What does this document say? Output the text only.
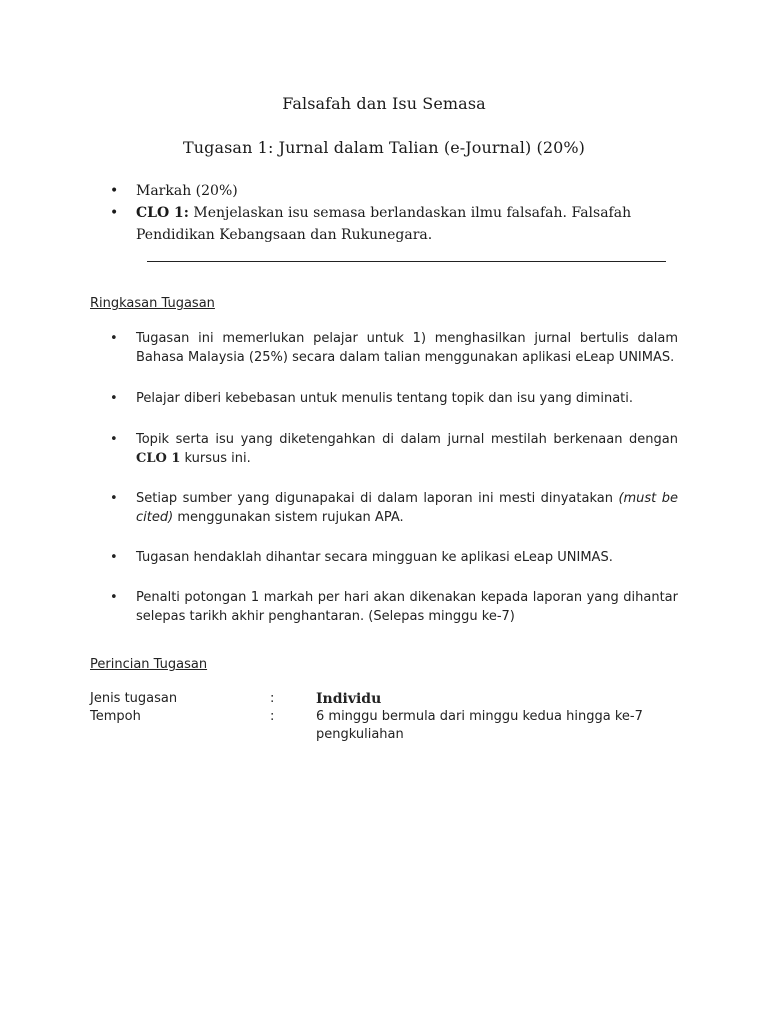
Falsafah dan Isu Semasa
Tugasan 1: Jurnal dalam Talian (e-Journal) (20%)
• Markah (20%)
• CLO 1: Menjelaskan isu semasa berlandaskan ilmu falsafah. Falsafah Pendidikan Kebangsaan dan Rukunegara.
Ringkasan Tugasan
• Tugasan ini memerlukan pelajar untuk 1) menghasilkan jurnal bertulis dalam Bahasa Malaysia (25%) secara dalam talian menggunakan aplikasi eLeap UNIMAS.
• Pelajar diberi kebebasan untuk menulis tentang topik dan isu yang diminati.
• Topik serta isu yang diketengahkan di dalam jurnal mestilah berkenaan dengan CLO 1 kursus ini.
• Setiap sumber yang digunapakai di dalam laporan ini mesti dinyatakan (must be cited) menggunakan sistem rujukan APA.
• Tugasan hendaklah dihantar secara mingguan ke aplikasi eLeap UNIMAS.
• Penalti potongan 1 markah per hari akan dikenakan kepada laporan yang dihantar selepas tarikh akhir penghantaran. (Selepas minggu ke-7)
Perincian Tugasan
Jenis tugasan	:	Individu
Tempoh	:	6 minggu bermula dari minggu kedua hingga ke-7 pengkuliahan
